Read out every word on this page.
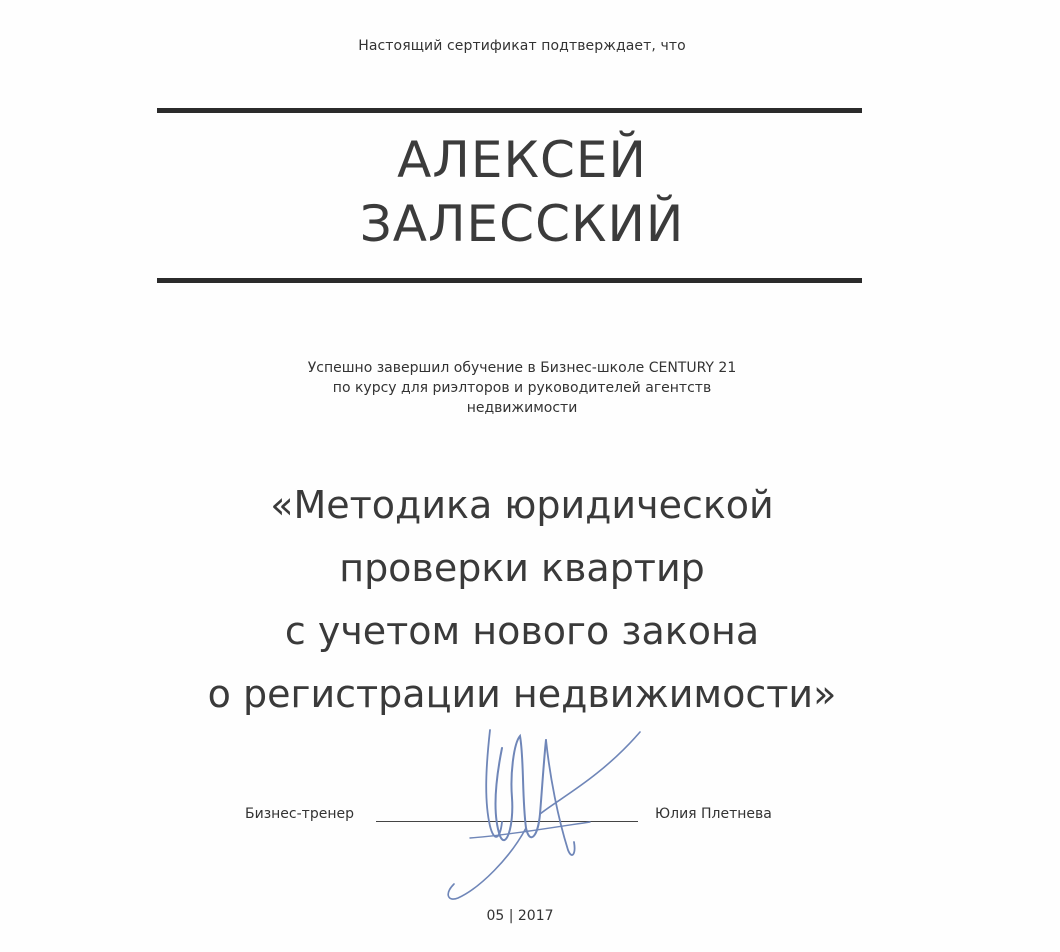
Настоящий сертификат подтверждает, что
АЛЕКСЕЙ
ЗАЛЕССКИЙ
Успешно завершил обучение в Бизнес-школе CENTURY 21
по курсу для риэлторов и руководителей агентств
недвижимости
«Методика юридической
проверки квартир
с учетом нового закона
о регистрации недвижимости»
Бизнес-тренер	Юлия Плетнева
05 | 2017
